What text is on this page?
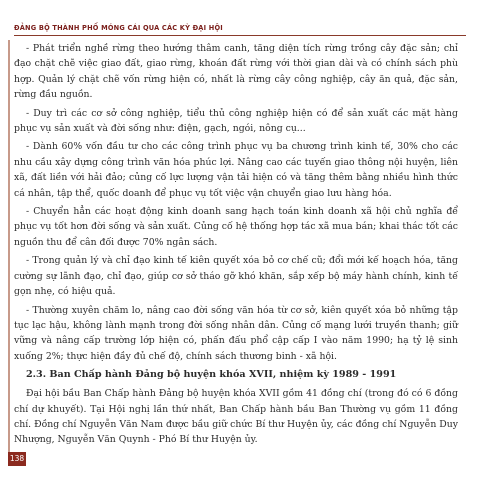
ĐẢNG BỘ THÀNH PHỐ MÓNG CÁI QUA CÁC KỲ ĐẠI HỘI

- Phát triển nghề rừng theo hướng thâm canh, tăng diện tích rừng trồng cây đặc sản; chỉ đạo chặt chẽ việc giao đất, giao rừng, khoán đất rừng với thời gian dài và có chính sách phù hợp. Quản lý chặt chẽ vốn rừng hiện có, nhất là rừng cây công nghiệp, cây ăn quả, đặc sản, rừng đầu nguồn.

- Duy trì các cơ sở công nghiệp, tiểu thủ công nghiệp hiện có để sản xuất các mặt hàng phục vụ sản xuất và đời sống như: điện, gạch, ngói, nông cụ...

- Dành 60% vốn đầu tư cho các công trình phục vụ ba chương trình kinh tế, 30% cho các nhu cầu xây dựng công trình văn hóa phúc lợi. Nâng cao các tuyến giao thông nội huyện, liên xã, đất liền với hải đảo; củng cố lực lượng vận tải hiện có và tăng thêm bằng nhiều hình thức cá nhân, tập thể, quốc doanh để phục vụ tốt việc vận chuyển giao lưu hàng hóa.

- Chuyển hẳn các hoạt động kinh doanh sang hạch toán kinh doanh xã hội chủ nghĩa để phục vụ tốt hơn đời sống và sản xuất. Củng cố hệ thống hợp tác xã mua bán; khai thác tốt các nguồn thu để cân đối được 70% ngân sách.

- Trong quản lý và chỉ đạo kinh tế kiên quyết xóa bỏ cơ chế cũ; đổi mới kế hoạch hóa, tăng cường sự lãnh đạo, chỉ đạo, giúp cơ sở tháo gỡ khó khăn, sắp xếp bộ máy hành chính, kinh tế gọn nhẹ, có hiệu quả.

- Thường xuyên chăm lo, nâng cao đời sống văn hóa từ cơ sở, kiên quyết xóa bỏ những tập tục lạc hậu, không lành mạnh trong đời sống nhân dân. Củng cố mạng lưới truyền thanh; giữ vững và nâng cấp trường lớp hiện có, phấn đấu phổ cập cấp I vào năm 1990; hạ tỷ lệ sinh xuống 2%; thực hiện đầy đủ chế độ, chính sách thương binh - xã hội.

2.3. Ban Chấp hành Đảng bộ huyện khóa XVII, nhiệm kỳ 1989 - 1991

Đại hội bầu Ban Chấp hành Đảng bộ huyện khóa XVII gồm 41 đồng chí (trong đó có 6 đồng chí dự khuyết). Tại Hội nghị lần thứ nhất, Ban Chấp hành bầu Ban Thường vụ gồm 11 đồng chí. Đồng chí Nguyễn Văn Nam được bầu giữ chức Bí thư Huyện ủy, các đồng chí Nguyễn Duy Nhượng, Nguyễn Văn Quynh - Phó Bí thư Huyện ủy.

138
